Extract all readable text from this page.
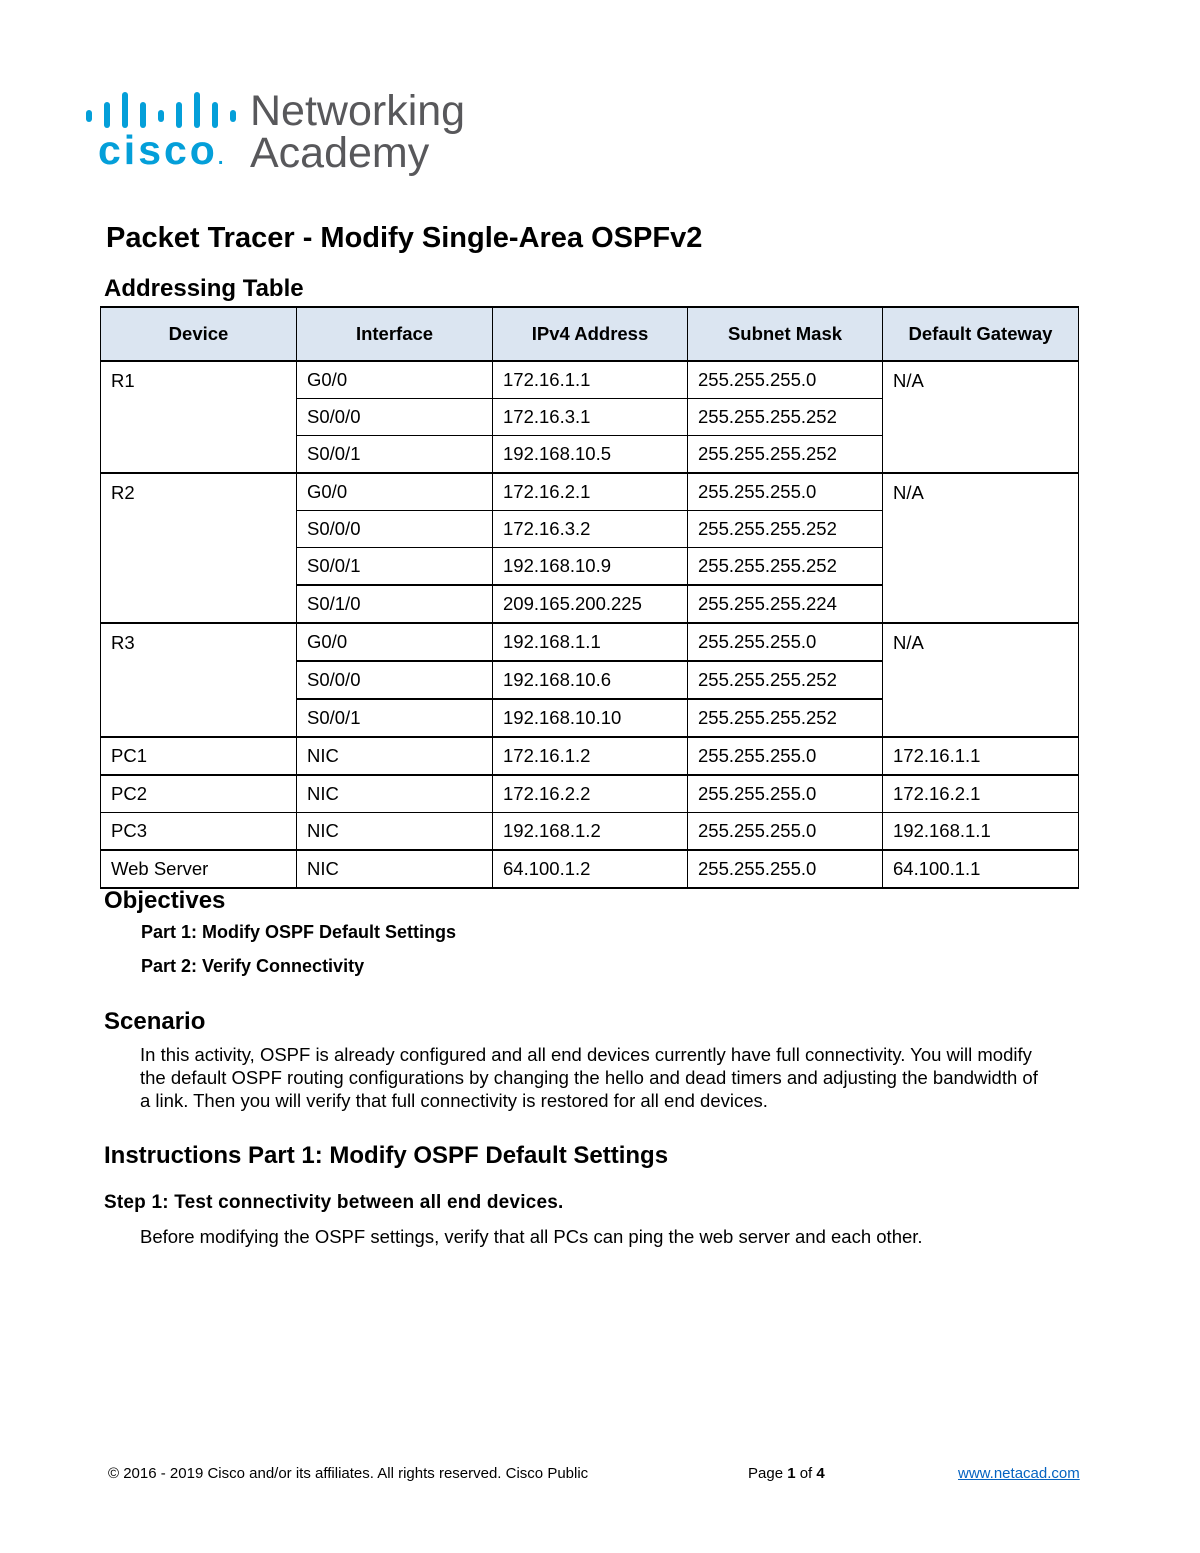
cisco.
Networking
Academy
Packet Tracer - Modify Single-Area OSPFv2
Addressing Table
Device	Interface	IPv4 Address	Subnet Mask	Default Gateway
R1	G0/0	172.16.1.1	255.255.255.0	N/A
	S0/0/0	172.16.3.1	255.255.255.252	
	S0/0/1	192.168.10.5	255.255.255.252	
R2	G0/0	172.16.2.1	255.255.255.0	N/A
	S0/0/0	172.16.3.2	255.255.255.252	
	S0/0/1	192.168.10.9	255.255.255.252	
	S0/1/0	209.165.200.225	255.255.255.224	
R3	G0/0	192.168.1.1	255.255.255.0	N/A
	S0/0/0	192.168.10.6	255.255.255.252	
	S0/0/1	192.168.10.10	255.255.255.252	
PC1	NIC	172.16.1.2	255.255.255.0	172.16.1.1
PC2	NIC	172.16.2.2	255.255.255.0	172.16.2.1
PC3	NIC	192.168.1.2	255.255.255.0	192.168.1.1
Web Server	NIC	64.100.1.2	255.255.255.0	64.100.1.1
Objectives
Part 1: Modify OSPF Default Settings
Part 2: Verify Connectivity
Scenario

In this activity, OSPF is already configured and all end devices currently have full connectivity. You will modify
the default OSPF routing configurations by changing the hello and dead timers and adjusting the bandwidth of
a link. Then you will verify that full connectivity is restored for all end devices.

Instructions Part 1: Modify OSPF Default Settings
Step 1: Test connectivity between all end devices.

Before modifying the OSPF settings, verify that all PCs can ping the web server and each other.

© 2016 - 2019 Cisco and/or its affiliates. All rights reserved. Cisco Public	Page 1 of 4	www.netacad.com
